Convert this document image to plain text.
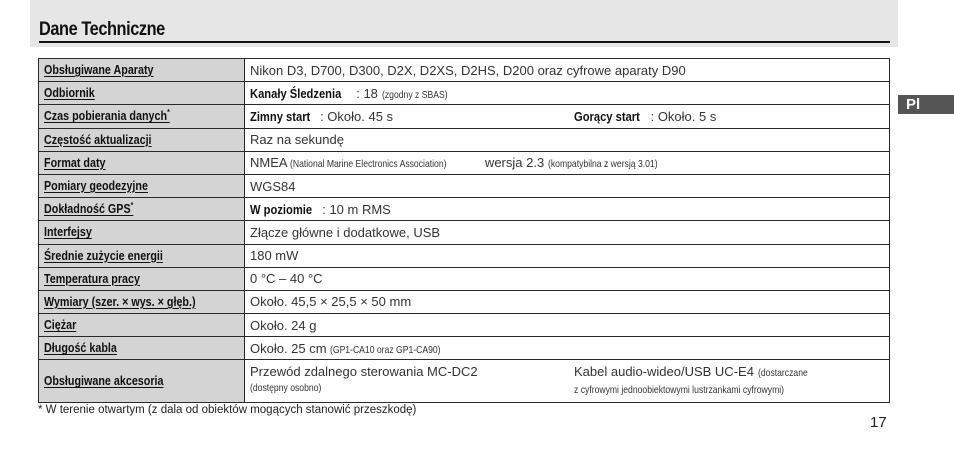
Dane Techniczne
Pl
Obsługiwane Aparaty	Nikon D3, D700, D300, D2X, D2XS, D2HS, D200 oraz cyfrowe aparaty D90
Odbiornik	Kanały Śledzenia : 18 (zgodny z SBAS)
Czas pobierania danych*	Zimny start : Około. 45 s Gorący start : Około. 5 s

Częstość aktualizacji	Raz na sekundę
Format daty	NMEA (National Marine Electronics Association) wersja 2.3 (kompatybilna z wersją 3.01)
Pomiary geodezyjne	WGS84
Dokładność GPS*	W poziomie : 10 m RMS
Interfejsy	Złącze główne i dodatkowe, USB
Średnie zużycie energii	180 mW
Temperatura pracy	0 °C – 40 °C
Wymiary (szer. × wys. × głęb.)	Około. 45,5 × 25,5 × 50 mm
Ciężar	Około. 24 g
Długość kabla	Około. 25 cm (GP1-CA10 oraz GP1-CA90)
Obsługiwane akcesoria	Przewód zdalnego sterowania MC-DC2
(dostępny osobno)
Kabel audio-wideo/USB UC-E4 (dostarczane
z cyfrowymi jednoobiektowymi lustrzankami cyfrowymi)
* W terenie otwartym (z dala od obiektów mogących stanowić przeszkodę)
17
